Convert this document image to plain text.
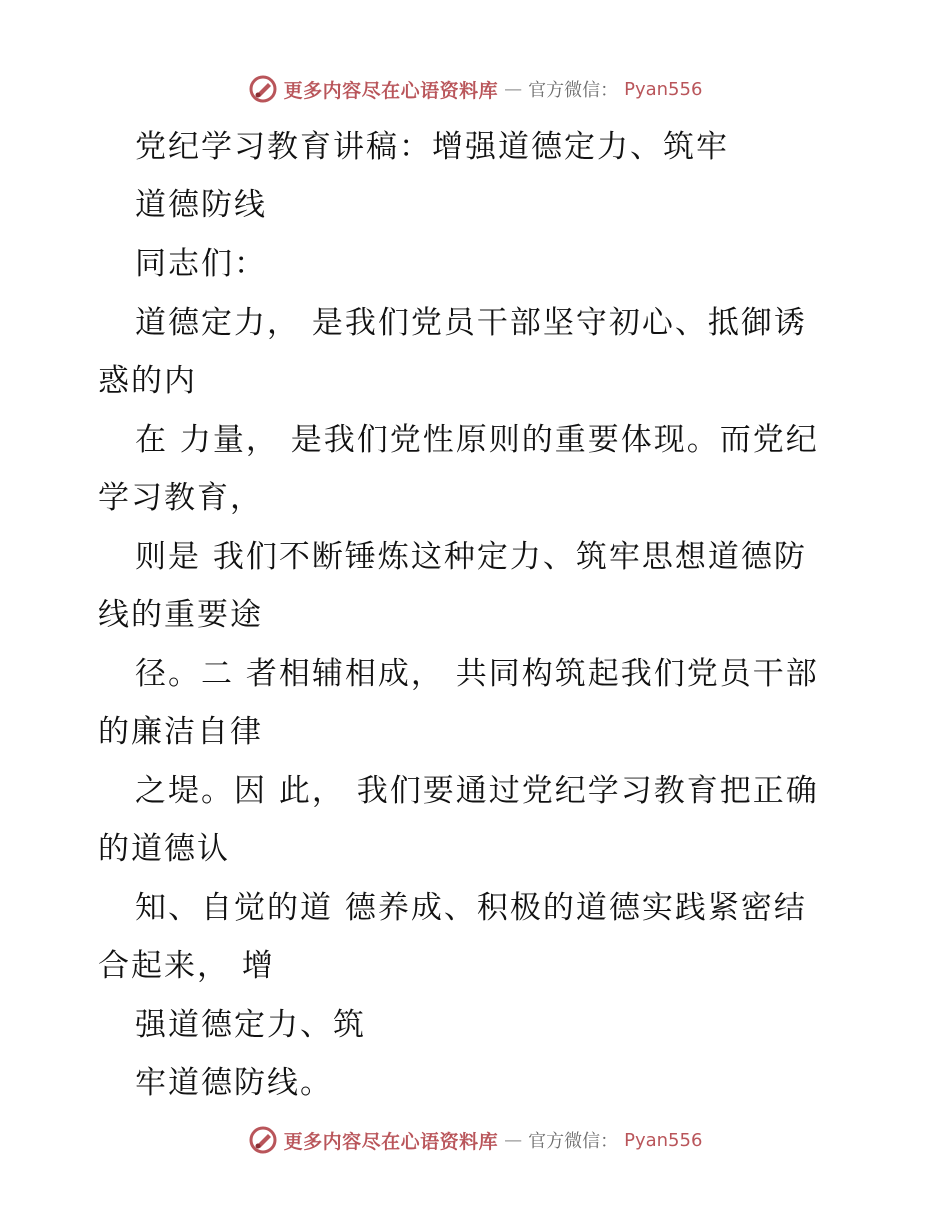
更多内容尽在心语资料库 — 官方微信： Pyan556
党纪学习教育讲稿：增强道德定力、筑牢
道德防线
同志们：
道德定力， 是我们党员干部坚守初心、抵御诱
惑的内
在 力量， 是我们党性原则的重要体现。而党纪
学习教育，
则是 我们不断锤炼这种定力、筑牢思想道德防
线的重要途
径。二 者相辅相成， 共同构筑起我们党员干部
的廉洁自律
之堤。因 此， 我们要通过党纪学习教育把正确
的道德认
知、自觉的道 德养成、积极的道德实践紧密结
合起来， 增
强道德定力、筑
牢道德防线。
更多内容尽在心语资料库 — 官方微信： Pyan556
